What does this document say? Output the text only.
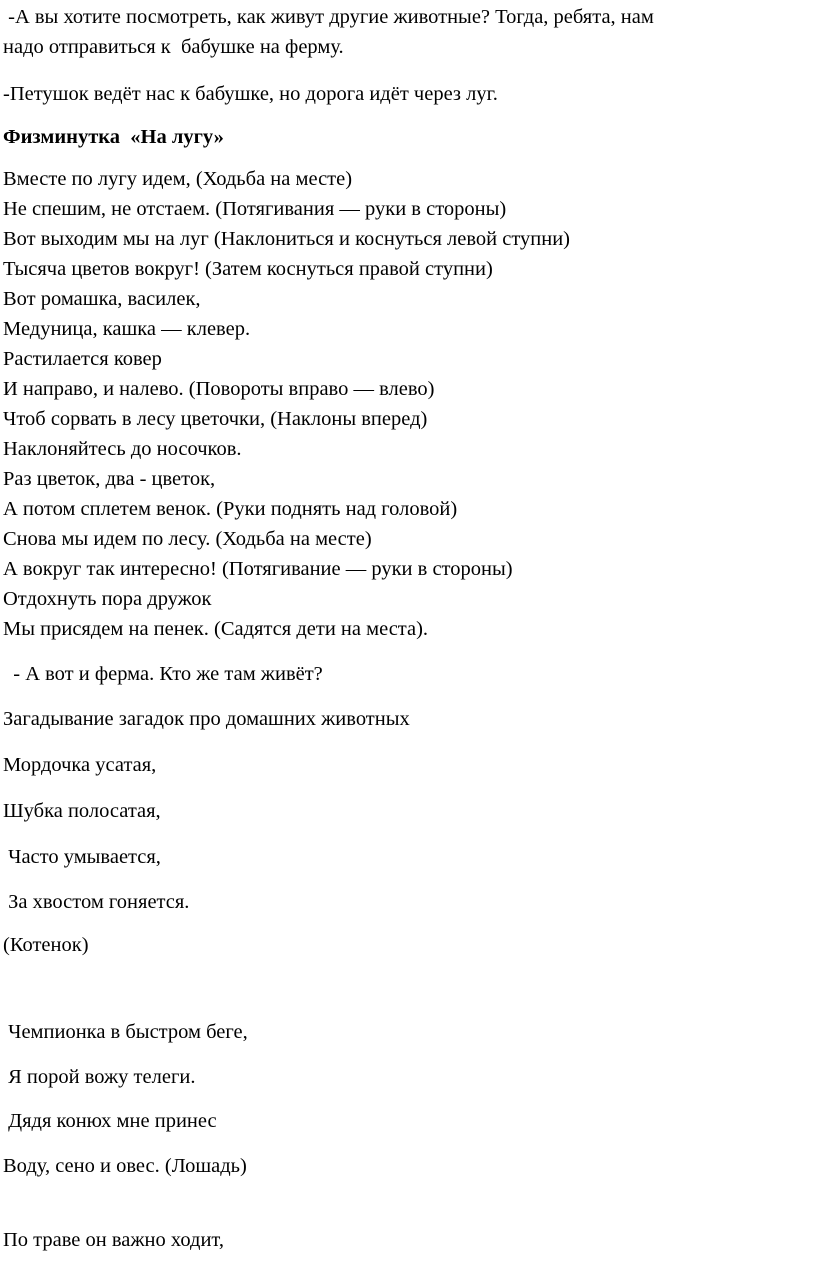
-А вы хотите посмотреть, как живут другие животные? Тогда, ребята, нам

надо отправиться к  бабушке на ферму.

-Петушок ведёт нас к бабушке, но дорога идёт через луг.

Физминутка  «На лугу»

Вместе по лугу идем, (Ходьба на месте)

Не спешим, не отстаем. (Потягивания — руки в стороны)

Вот выходим мы на луг (Наклониться и коснуться левой ступни)

Тысяча цветов вокруг! (Затем коснуться правой ступни)

Вот ромашка, василек,

Медуница, кашка — клевер.

Растилается ковер

И направо, и налево. (Повороты вправо — влево)

Чтоб сорвать в лесу цветочки, (Наклоны вперед)

Наклоняйтесь до носочков.

Раз цветок, два - цветок,

А потом сплетем венок. (Руки поднять над головой)

Снова мы идем по лесу. (Ходьба на месте)

А вокруг так интересно! (Потягивание — руки в стороны)

Отдохнуть пора дружок

Мы присядем на пенек. (Садятся дети на места).

- А вот и ферма. Кто же там живёт?

Загадывание загадок про домашних животных

Мордочка усатая,

Шубка полосатая,

Часто умывается,

За хвостом гоняется.

(Котенок)

Чемпионка в быстром беге,

Я порой вожу телеги.

Дядя конюх мне принес

Воду, сено и овес. (Лошадь)

По траве он важно ходит,
